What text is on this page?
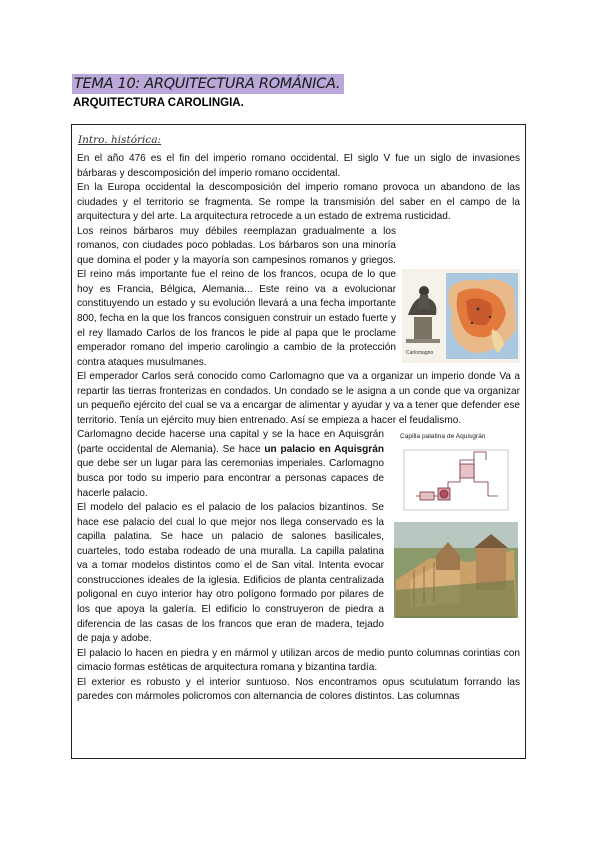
TEMA 10: ARQUITECTURA ROMÁNICA.
ARQUITECTURA CAROLINGIA.
Intro. histórica:

En el año 476 es el fin del imperio romano occidental. El siglo V fue un siglo de invasiones bárbaras y descomposición del imperio romano occidental.

En la Europa occidental la descomposición del imperio romano provoca un abandono de las ciudades y el territorio se fragmenta. Se rompe la transmisión del saber en el campo de la arquitectura y del arte. La arquitectura retrocede a un estado de extrema rusticidad.

Carlomagno
Los reinos bárbaros muy débiles reemplazan gradualmente a los romanos, con ciudades poco pobladas. Los bárbaros son una minoría que domina el poder y la mayoría son campesinos romanos y griegos. El reino más importante fue el reino de los francos, ocupa de lo que hoy es Francia, Bélgica, Alemania... Este reino va a evolucionar constituyendo un estado y su evolución llevará a una fecha importante 800, fecha en la que los francos consiguen construir un estado fuerte y el rey llamado Carlos de los francos le pide al papa que le proclame emperador romano del imperio carolingio a cambio de la protección contra ataques musulmanes.

El emperador Carlos será conocido como Carlomagno que va a organizar un imperio donde Va a repartir las tierras fronterizas en condados. Un condado se le asigna a un conde que va organizar un pequeño ejército del cual se va a encargar de alimentar y ayudar y va a tener que defender ese territorio. Tenía un ejército muy bien entrenado. Así se empieza a hacer el feudalismo.

Capilla palatina de Aquisgrán
Carlomagno decide hacerse una capital y se la hace en Aquisgrán (parte occidental de Alemania). Se hace un palacio en Aquisgrán que debe ser un lugar para las ceremonias imperiales. Carlomagno busca por todo su imperio para encontrar a personas capaces de hacerle palacio.

El modelo del palacio es el palacio de los palacios bizantinos. Se hace ese palacio del cual lo que mejor nos llega conservado es la capilla palatina. Se hace un palacio de salones basilicales, cuarteles, todo estaba rodeado de una muralla. La capilla palatina va a tomar modelos distintos como el de San vital. Intenta evocar construcciones ideales de la iglesia. Edificios de planta centralizada poligonal en cuyo interior hay otro polígono formado por pilares de los que apoya la galería. El edificio lo construyeron de piedra a diferencia de las casas de los francos que eran de madera, tejado de paja y adobe.

El palacio lo hacen en piedra y en mármol y utilizan arcos de medio punto columnas corintias con cimacio formas estéticas de arquitectura romana y bizantina tardía.

El exterior es robusto y el interior suntuoso. Nos encontramos opus scutulatum forrando las paredes con mármoles policromos con alternancia de colores distintos. Las columnas
